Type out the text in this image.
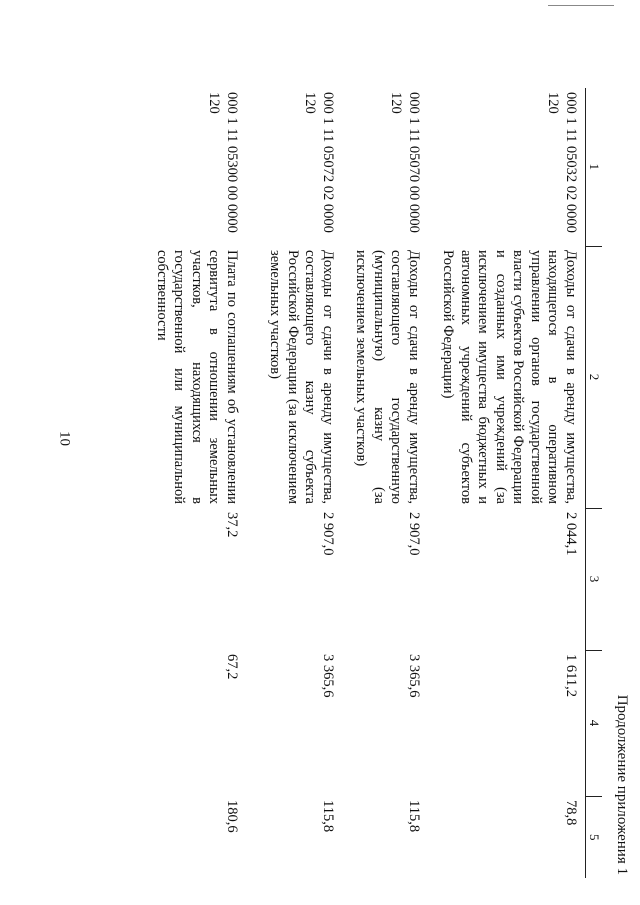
10
Продолжение приложения 1
1	2	3	4	5
000 1 11 05032 02 0000 120	Доходы от сдачи в аренду имущества, находящегося в оперативном управлении органов государственной власти субъектов Российской Федерации и созданных ими учреждений (за исключением имущества бюджетных и автономных учреждений субъектов Российской Федерации)	2 044,1	1 611,2	78,8
000 1 11 05070 00 0000 120	Доходы от сдачи в аренду имущества, составляющего государственную (муниципальную) казну (за исключением земельных участков)	2 907,0	3 365,6	115,8
000 1 11 05072 02 0000 120	Доходы от сдачи в аренду имущества, составляющего казну субъекта Российской Федерации (за исключением земельных участков)	2 907,0	3 365,6	115,8
000 1 11 05300 00 0000 120	Плата по соглашениям об установлении сервитута в отношении земельных участков, находящихся в государственной или муниципальной собственности	37,2	67,2	180,6
